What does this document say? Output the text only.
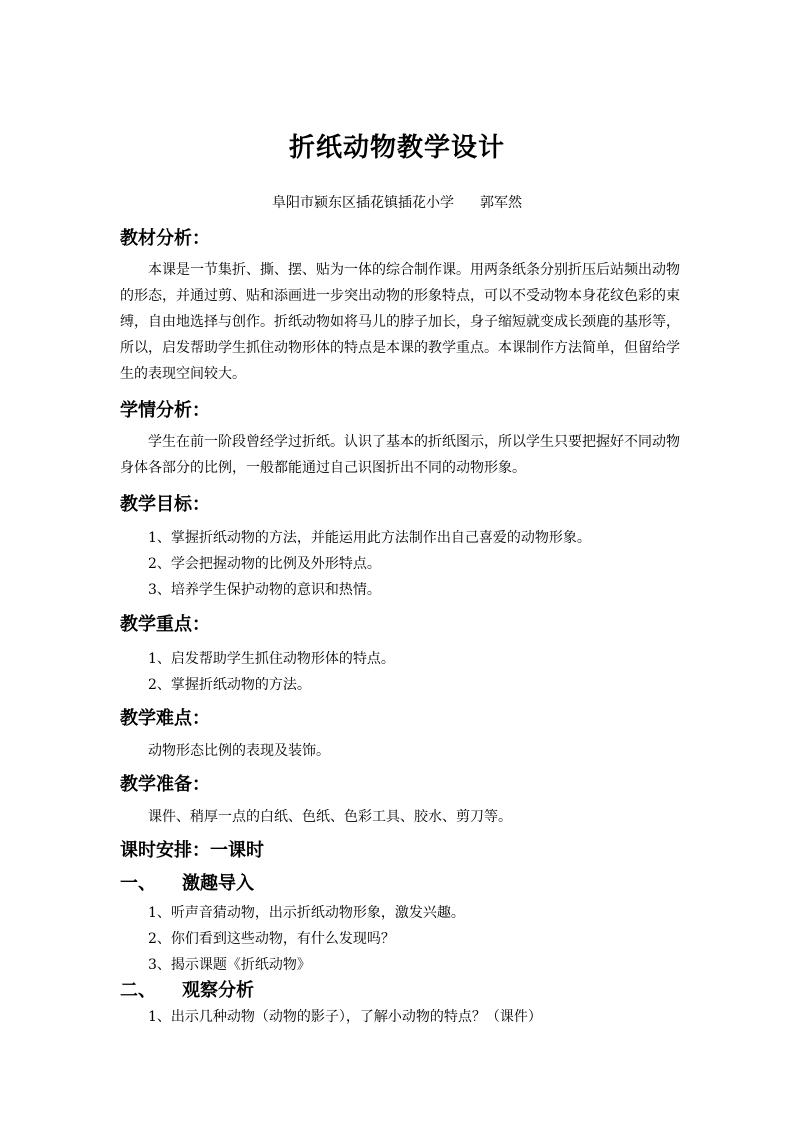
折纸动物教学设计
阜阳市颍东区插花镇插花小学 郭军然
教材分析：
本课是一节集折、撕、摆、贴为一体的综合制作课。用两条纸条分别折压后站频出动物的形态，并通过剪、贴和添画进一步突出动物的形象特点，可以不受动物本身花纹色彩的束缚，自由地选择与创作。折纸动物如将马儿的脖子加长，身子缩短就变成长颈鹿的基形等，所以，启发帮助学生抓住动物形体的特点是本课的教学重点。本课制作方法简单，但留给学生的表现空间较大。
学情分析：
学生在前一阶段曾经学过折纸。认识了基本的折纸图示，所以学生只要把握好不同动物身体各部分的比例，一般都能通过自己识图折出不同的动物形象。
教学目标：
1、掌握折纸动物的方法，并能运用此方法制作出自己喜爱的动物形象。
2、学会把握动物的比例及外形特点。
3、培养学生保护动物的意识和热情。
教学重点：
1、启发帮助学生抓住动物形体的特点。
2、掌握折纸动物的方法。
教学难点：
动物形态比例的表现及装饰。
教学准备：
课件、稍厚一点的白纸、色纸、色彩工具、胶水、剪刀等。
课时安排：一课时
一、 激趣导入
1、听声音猜动物，出示折纸动物形象，激发兴趣。
2、你们看到这些动物，有什么发现吗？
3、揭示课题《折纸动物》
二、 观察分析
1、出示几种动物（动物的影子），了解小动物的特点？（课件）
